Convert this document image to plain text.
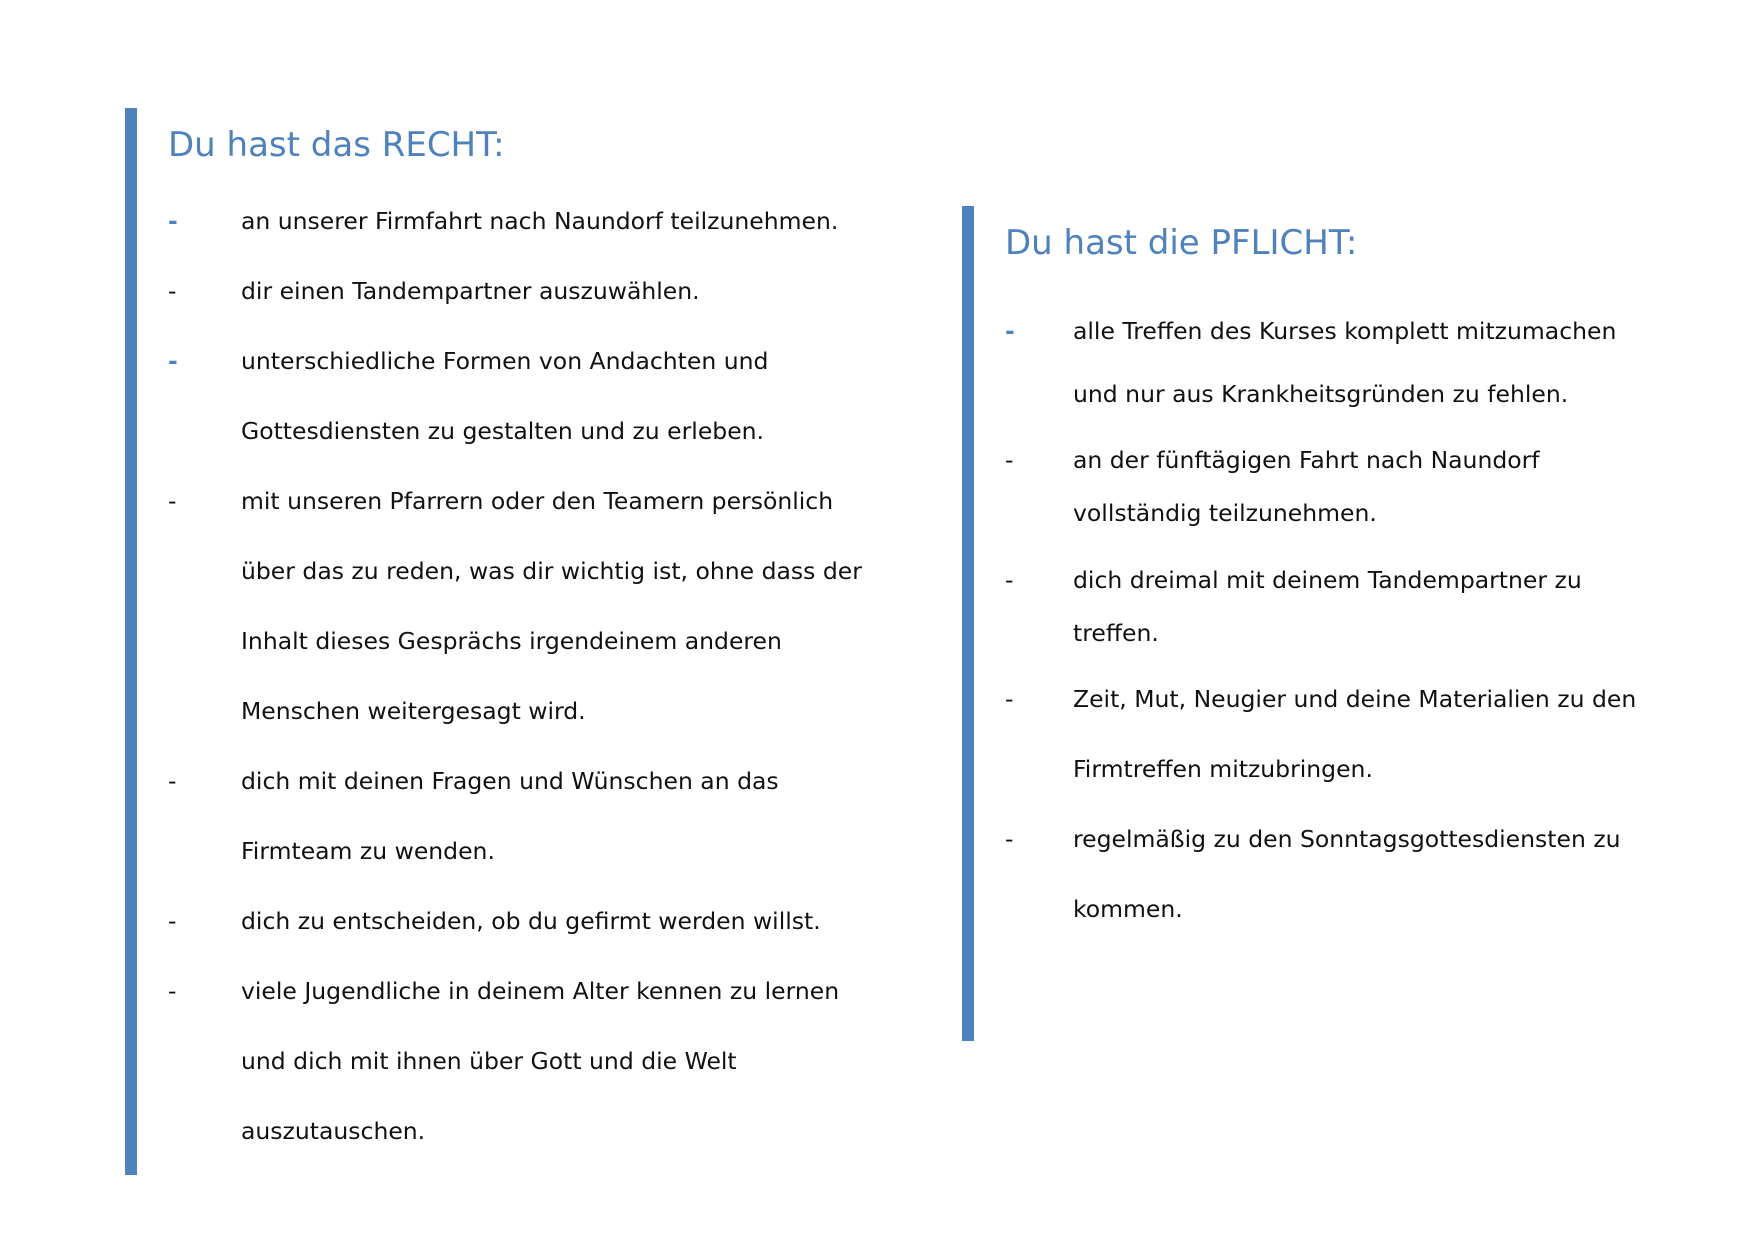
Du hast das RECHT:
-	an unserer Firmfahrt nach Naundorf teilzunehmen.
-	dir einen Tandempartner auszuwählen.
-	unterschiedliche Formen von Andachten und
Gottesdiensten zu gestalten und zu erleben.
-	mit unseren Pfarrern oder den Teamern persönlich
über das zu reden, was dir wichtig ist, ohne dass der
Inhalt dieses Gesprächs irgendeinem anderen
Menschen weitergesagt wird.
-	dich mit deinen Fragen und Wünschen an das
Firmteam zu wenden.
-	dich zu entscheiden, ob du gefirmt werden willst.
-	viele Jugendliche in deinem Alter kennen zu lernen
und dich mit ihnen über Gott und die Welt
auszutauschen.
Du hast die PFLICHT:
- alle Treffen des Kurses komplett mitzumachen
und nur aus Krankheitsgründen zu fehlen.
-	an der fünftägigen Fahrt nach Naundorf
vollständig teilzunehmen.
-	dich dreimal mit deinem Tandempartner zu
treffen.
-	Zeit, Mut, Neugier und deine Materialien zu den
Firmtreffen mitzubringen.
-	regelmäßig zu den Sonntagsgottesdiensten zu
kommen.
